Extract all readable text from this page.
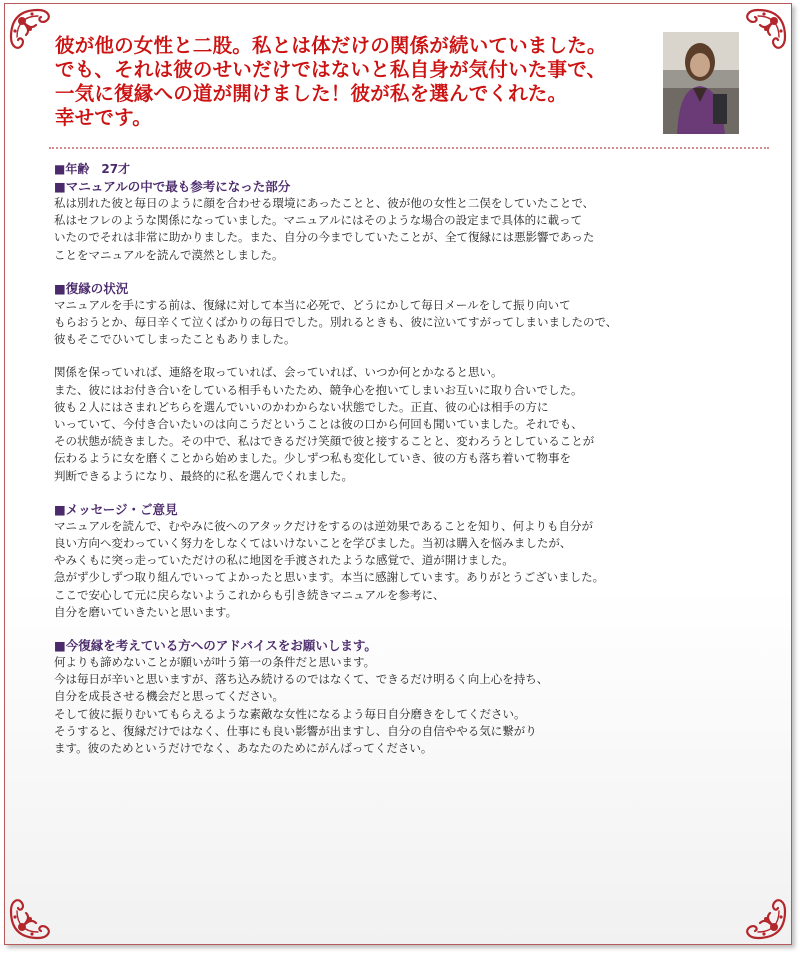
彼が他の女性と二股。私とは体だけの関係が続いていました。
でも、それは彼のせいだけではないと私自身が気付いた事で、
一気に復縁への道が開けました！彼が私を選んでくれた。
幸せです。
■年齢　27才
■マニュアルの中で最も参考になった部分

私は別れた彼と毎日のように顔を合わせる環境にあったことと、彼が他の女性と二俣をしていたことで、
私はセフレのような関係になっていました。マニュアルにはそのような場合の設定まで具体的に載って
いたのでそれは非常に助かりました。また、自分の今までしていたことが、全て復縁には悪影響であった
ことをマニュアルを読んで漠然としました。

■復縁の状況

マニュアルを手にする前は、復縁に対して本当に必死で、どうにかして毎日メールをして振り向いて
もらおうとか、毎日辛くて泣くばかりの毎日でした。別れるときも、彼に泣いてすがってしまいましたので、
彼もそこでひいてしまったこともありました。

関係を保っていれば、連絡を取っていれば、会っていれば、いつか何とかなると思い。
また、彼にはお付き合いをしている相手もいたため、競争心を抱いてしまいお互いに取り合いでした。
彼も２人にはさまれどちらを選んでいいのかわからない状態でした。正直、彼の心は相手の方に
いっていて、今付き合いたいのは向こうだということは彼の口から何回も聞いていました。それでも、
その状態が続きました。その中で、私はできるだけ笑顔で彼と接することと、変わろうとしていることが
伝わるように女を磨くことから始めました。少しずつ私も変化していき、彼の方も落ち着いて物事を
判断できるようになり、最終的に私を選んでくれました。

■メッセージ・ご意見

マニュアルを読んで、むやみに彼へのアタックだけをするのは逆効果であることを知り、何よりも自分が
良い方向へ変わっていく努力をしなくてはいけないことを学びました。当初は購入を悩みましたが、
やみくもに突っ走っていただけの私に地図を手渡されたような感覚で、道が開けました。
急がず少しずつ取り組んでいってよかったと思います。本当に感謝しています。ありがとうございました。
ここで安心して元に戻らないようこれからも引き続きマニュアルを参考に、
自分を磨いていきたいと思います。

■今復縁を考えている方へのアドバイスをお願いします。

何よりも諦めないことが願いが叶う第一の条件だと思います。
今は毎日が辛いと思いますが、落ち込み続けるのではなくて、できるだけ明るく向上心を持ち、
自分を成長させる機会だと思ってください。
そして彼に振りむいてもらえるような素敵な女性になるよう毎日自分磨きをしてください。
そうすると、復縁だけではなく、仕事にも良い影響が出ますし、自分の自信ややる気に繋がり
ます。彼のためというだけでなく、あなたのためにがんばってください。
